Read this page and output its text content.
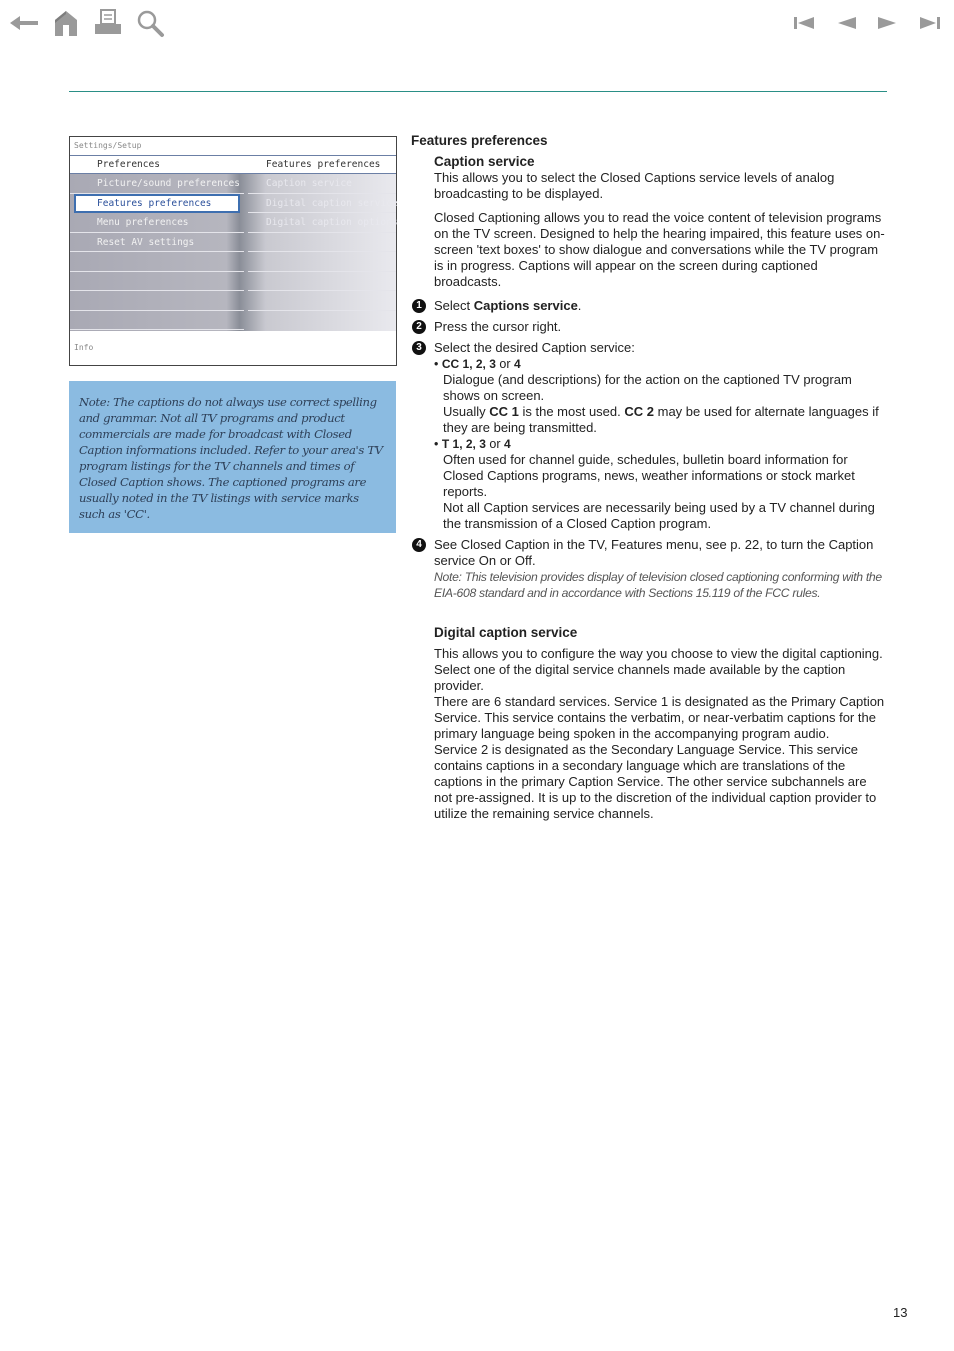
Settings/Setup
Preferences	Features preferences
Picture/sound preferences
Features preferences
Menu preferences
Reset AV settings
Caption service
Digital caption service
Digital caption options
Info

Note: The captions do not always use correct spelling and grammar. Not all TV programs and product commercials are made for broadcast with Closed Caption informations included. Refer to your area's TV program listings for the TV channels and times of Closed Caption shows. The captioned programs are usually noted in the TV listings with service marks such as 'CC'.

Features preferences
Caption service
This allows you to select the Closed Captions service levels of analog broadcasting to be displayed.
Closed Captioning allows you to read the voice content of television programs on the TV screen. Designed to help the hearing impaired, this feature uses on-screen 'text boxes' to show dialogue and conversations while the TV program is in progress. Captions will appear on the screen during captioned broadcasts.
1 Select Captions service.
2 Press the cursor right.
3 Select the desired Caption service:
• CC 1, 2, 3 or 4
Dialogue (and descriptions) for the action on the captioned TV program shows on screen.
Usually CC 1 is the most used. CC 2 may be used for alternate languages if they are being transmitted.
• T 1, 2, 3 or 4
Often used for channel guide, schedules, bulletin board information for Closed Captions programs, news, weather informations or stock market reports.
Not all Caption services are necessarily being used by a TV channel during the transmission of a Closed Caption program.
4 See Closed Caption in the TV, Features menu, see p. 22, to turn the Caption service On or Off.
Note: This television provides display of television closed captioning conforming with the EIA-608 standard and in accordance with Sections 15.119 of the FCC rules.
Digital caption service
This allows you to configure the way you choose to view the digital captioning.
Select one of the digital service channels made available by the caption provider.
There are 6 standard services. Service 1 is designated as the Primary Caption Service. This service contains the verbatim, or near-verbatim captions for the primary language being spoken in the accompanying program audio.
Service 2 is designated as the Secondary Language Service. This service contains captions in a secondary language which are translations of the captions in the primary Caption Service. The other service subchannels are not pre-assigned. It is up to the discretion of the individual caption provider to utilize the remaining service channels.
13
